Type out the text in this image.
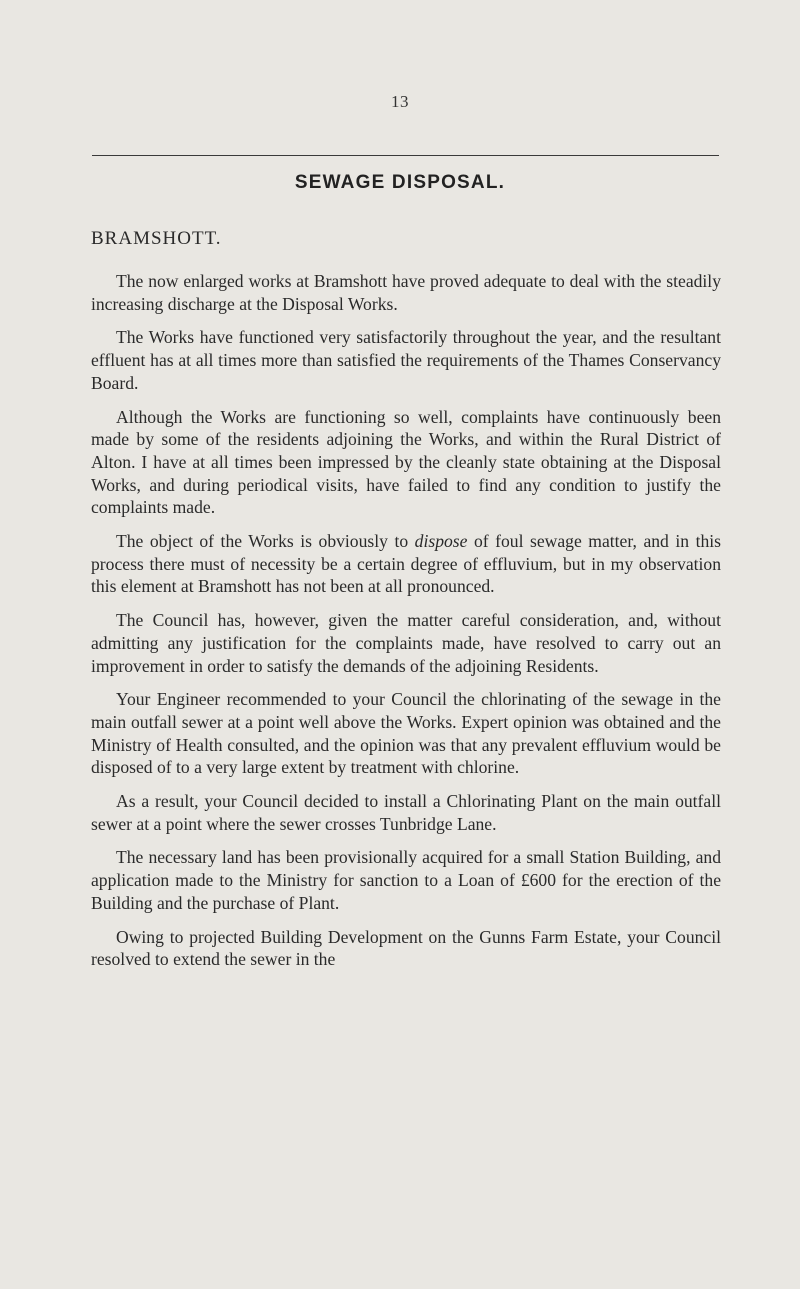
13
SEWAGE DISPOSAL.
BRAMSHOTT.

The now enlarged works at Bramshott have proved adequate to deal with the steadily increasing discharge at the Disposal Works.

The Works have functioned very satisfactorily throughout the year, and the resultant effluent has at all times more than satisfied the requirements of the Thames Conservancy Board.

Although the Works are functioning so well, complaints have continuously been made by some of the residents adjoining the Works, and within the Rural District of Alton. I have at all times been impressed by the cleanly state obtaining at the Disposal Works, and during periodical visits, have failed to find any condition to justify the complaints made.

The object of the Works is obviously to dispose of foul sewage matter, and in this process there must of necessity be a certain degree of effluvium, but in my observation this element at Bramshott has not been at all pronounced.

The Council has, however, given the matter careful consideration, and, without admitting any justification for the complaints made, have resolved to carry out an improvement in order to satisfy the demands of the adjoining Residents.

Your Engineer recommended to your Council the chlorinating of the sewage in the main outfall sewer at a point well above the Works. Expert opinion was obtained and the Ministry of Health consulted, and the opinion was that any prevalent effluvium would be disposed of to a very large extent by treatment with chlorine.

As a result, your Council decided to install a Chlorinating Plant on the main outfall sewer at a point where the sewer crosses Tunbridge Lane.

The necessary land has been provisionally acquired for a small Station Building, and application made to the Ministry for sanction to a Loan of £600 for the erection of the Building and the purchase of Plant.

Owing to projected Building Development on the Gunns Farm Estate, your Council resolved to extend the sewer in the
